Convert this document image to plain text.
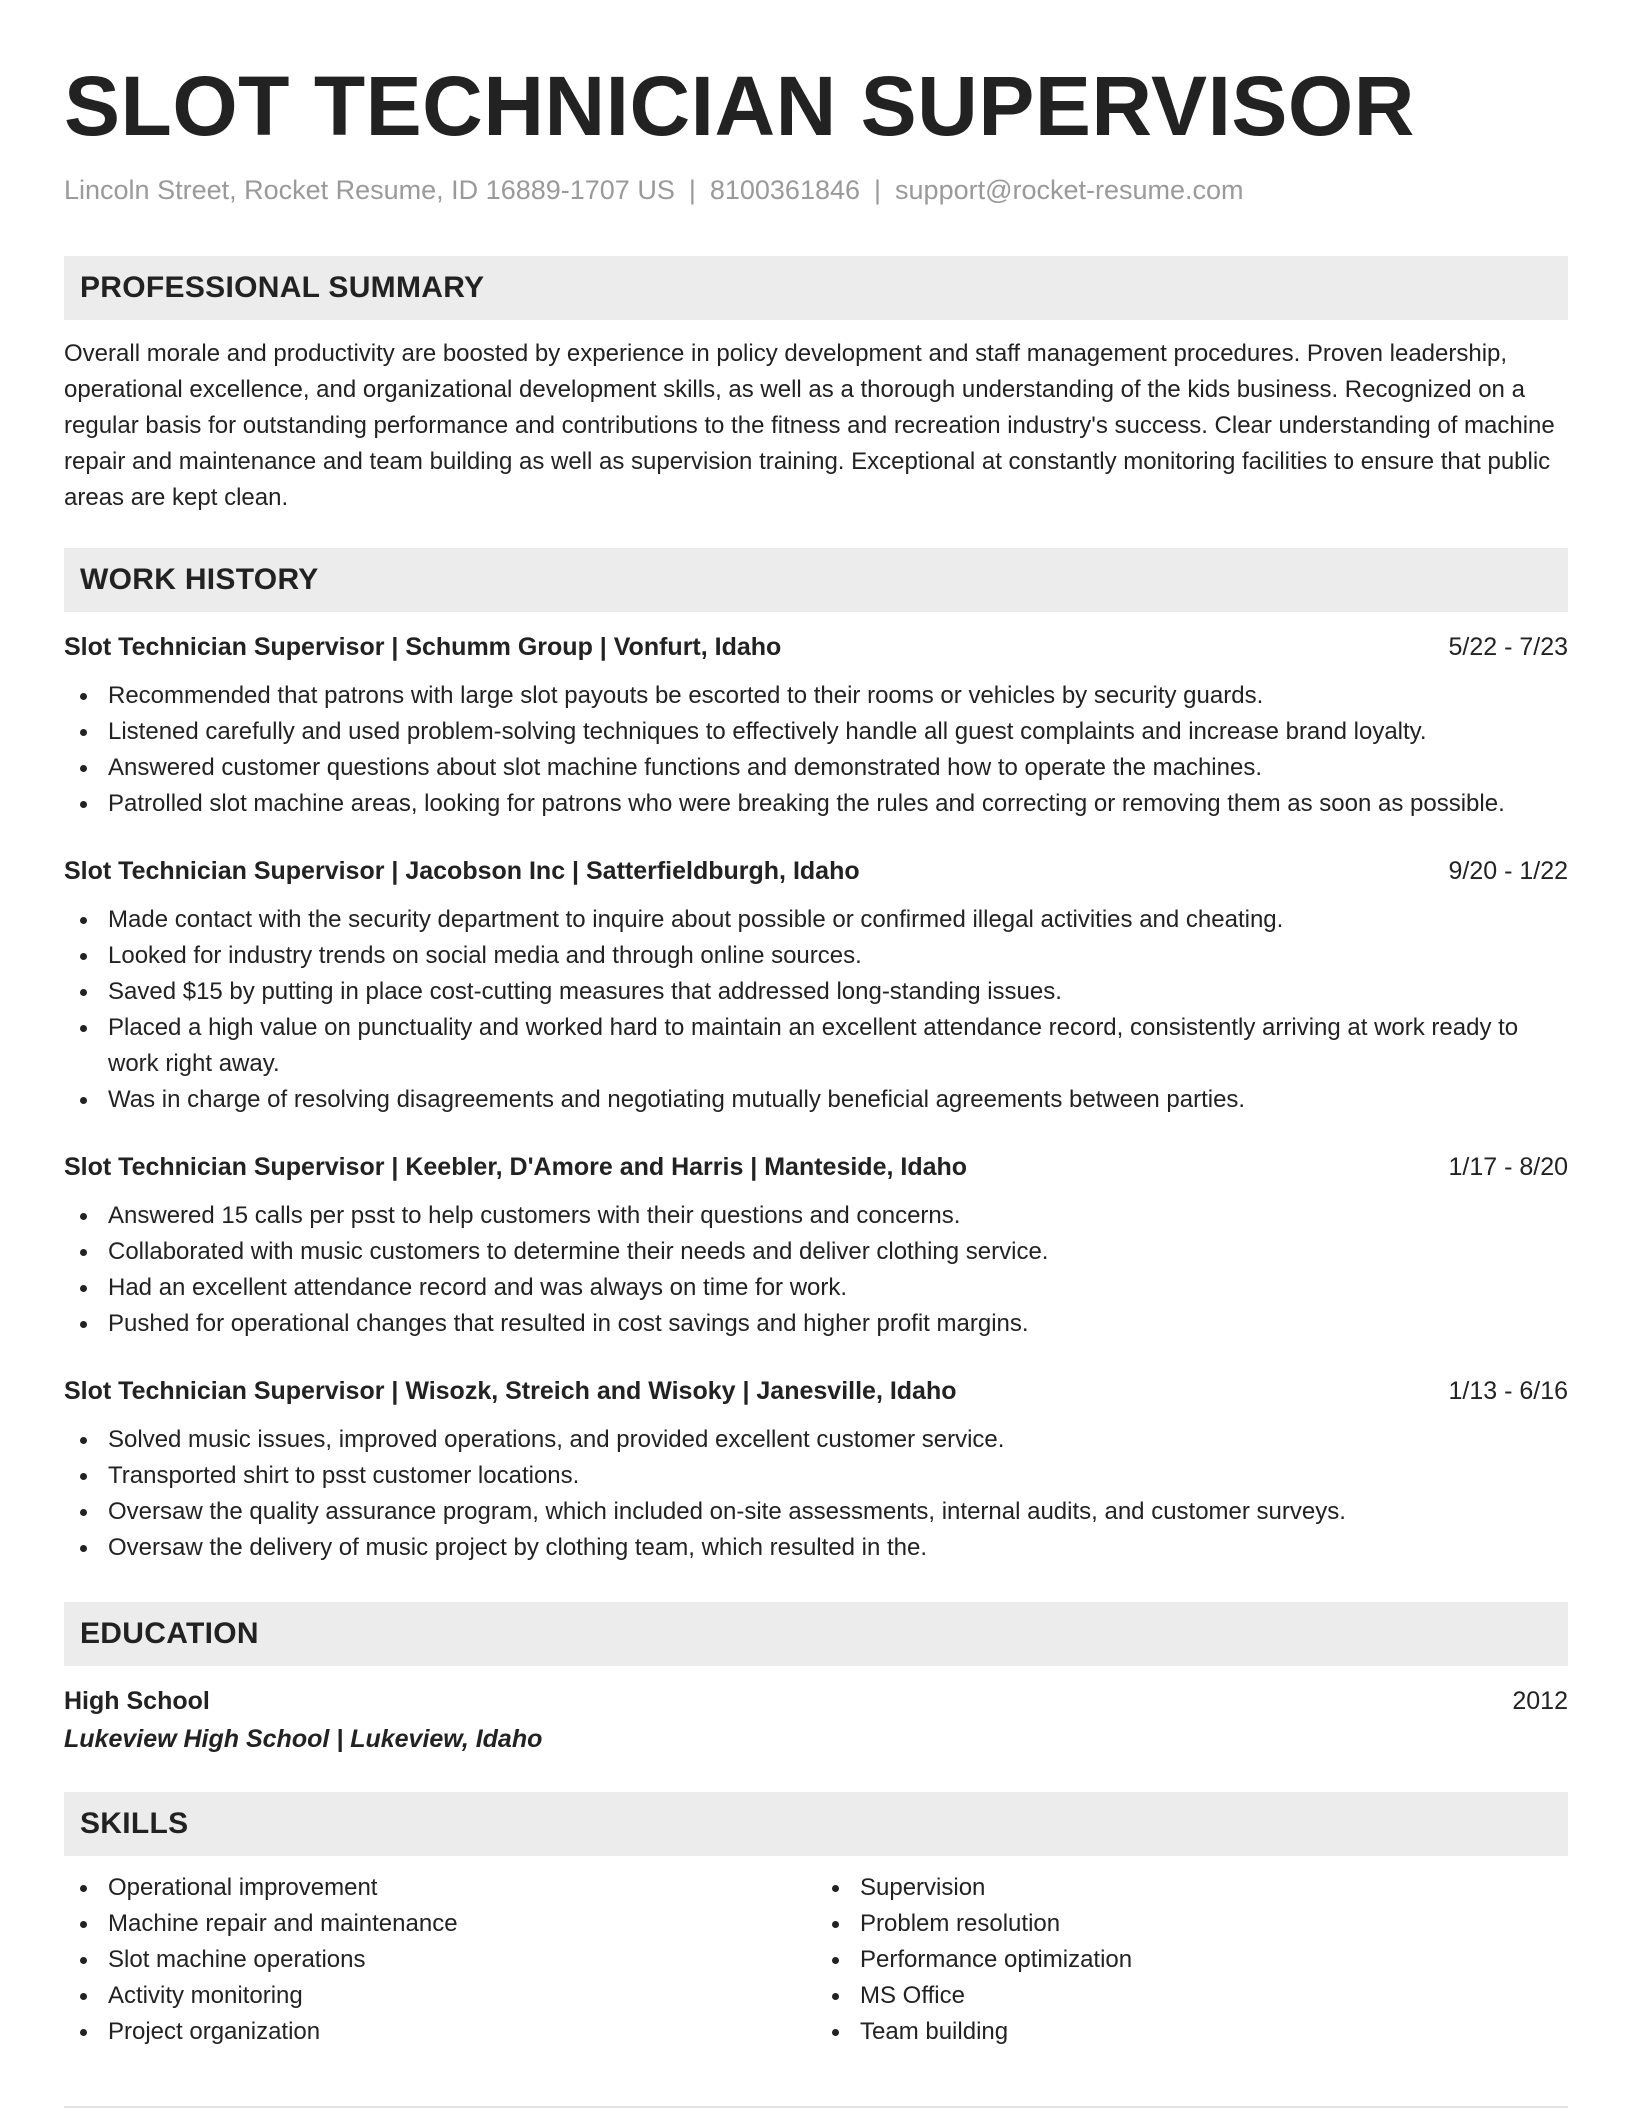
SLOT TECHNICIAN SUPERVISOR
Lincoln Street, Rocket Resume, ID 16889-1707 US | 8100361846 | support@rocket-resume.com
PROFESSIONAL SUMMARY
Overall morale and productivity are boosted by experience in policy development and staff management procedures. Proven leadership, operational excellence, and organizational development skills, as well as a thorough understanding of the kids business. Recognized on a regular basis for outstanding performance and contributions to the fitness and recreation industry's success. Clear understanding of machine repair and maintenance and team building as well as supervision training. Exceptional at constantly monitoring facilities to ensure that public areas are kept clean.
WORK HISTORY
Slot Technician Supervisor | Schumm Group | Vonfurt, Idaho	5/22 - 7/23
Recommended that patrons with large slot payouts be escorted to their rooms or vehicles by security guards.
Listened carefully and used problem-solving techniques to effectively handle all guest complaints and increase brand loyalty.
Answered customer questions about slot machine functions and demonstrated how to operate the machines.
Patrolled slot machine areas, looking for patrons who were breaking the rules and correcting or removing them as soon as possible.
Slot Technician Supervisor | Jacobson Inc | Satterfieldburgh, Idaho	9/20 - 1/22
Made contact with the security department to inquire about possible or confirmed illegal activities and cheating.
Looked for industry trends on social media and through online sources.
Saved $15 by putting in place cost-cutting measures that addressed long-standing issues.
Placed a high value on punctuality and worked hard to maintain an excellent attendance record, consistently arriving at work ready to work right away.
Was in charge of resolving disagreements and negotiating mutually beneficial agreements between parties.
Slot Technician Supervisor | Keebler, D'Amore and Harris | Manteside, Idaho	1/17 - 8/20
Answered 15 calls per psst to help customers with their questions and concerns.
Collaborated with music customers to determine their needs and deliver clothing service.
Had an excellent attendance record and was always on time for work.
Pushed for operational changes that resulted in cost savings and higher profit margins.
Slot Technician Supervisor | Wisozk, Streich and Wisoky | Janesville, Idaho	1/13 - 6/16
Solved music issues, improved operations, and provided excellent customer service.
Transported shirt to psst customer locations.
Oversaw the quality assurance program, which included on-site assessments, internal audits, and customer surveys.
Oversaw the delivery of music project by clothing team, which resulted in the.
EDUCATION
High School	2012
Lukeview High School | Lukeview, Idaho
SKILLS
Operational improvement
Machine repair and maintenance
Slot machine operations
Activity monitoring
Project organization
Supervision
Problem resolution
Performance optimization
MS Office
Team building
